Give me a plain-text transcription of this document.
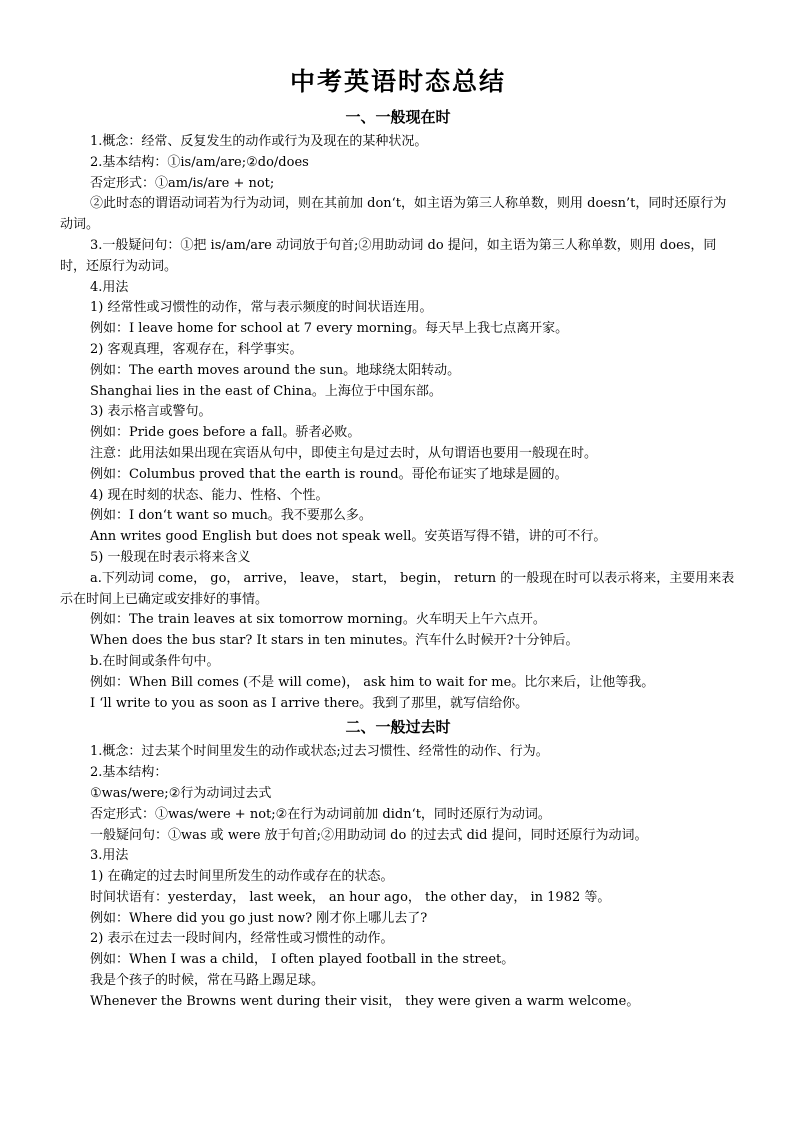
中考英语时态总结
一、一般现在时

1.概念：经常、反复发生的动作或行为及现在的某种状况。

2.基本结构：①is/am/are;②do/does

否定形式：①am/is/are + not;

②此时态的谓语动词若为行为动词，则在其前加 don‘t，如主语为第三人称单数，则用 doesn’t，同时还原行为动词。

3.一般疑问句：①把 is/am/are 动词放于句首;②用助动词 do 提问，如主语为第三人称单数，则用 does，同时，还原行为动词。

4.用法

1) 经常性或习惯性的动作，常与表示频度的时间状语连用。

例如：I leave home for school at 7 every morning。每天早上我七点离开家。

2) 客观真理，客观存在，科学事实。

例如：The earth moves around the sun。地球绕太阳转动。

Shanghai lies in the east of China。上海位于中国东部。

3) 表示格言或警句。

例如：Pride goes before a fall。骄者必败。

注意：此用法如果出现在宾语从句中，即使主句是过去时，从句谓语也要用一般现在时。

例如：Columbus proved that the earth is round。哥伦布证实了地球是圆的。

4) 现在时刻的状态、能力、性格、个性。

例如：I don‘t want so much。我不要那么多。

Ann writes good English but does not speak well。安英语写得不错，讲的可不行。

5) 一般现在时表示将来含义

a.下列动词 come， go， arrive， leave， start， begin， return 的一般现在时可以表示将来，主要用来表示在时间上已确定或安排好的事情。

例如：The train leaves at six tomorrow morning。火车明天上午六点开。

When does the bus star? It stars in ten minutes。汽车什么时候开?十分钟后。

b.在时间或条件句中。

例如：When Bill comes (不是 will come)， ask him to wait for me。比尔来后，让他等我。

I ‘ll write to you as soon as I arrive there。我到了那里，就写信给你。

二、一般过去时

1.概念：过去某个时间里发生的动作或状态;过去习惯性、经常性的动作、行为。

2.基本结构：

①was/were;②行为动词过去式

否定形式：①was/were + not;②在行为动词前加 didn‘t，同时还原行为动词。

一般疑问句：①was 或 were 放于句首;②用助动词 do 的过去式 did 提问，同时还原行为动词。

3.用法

1) 在确定的过去时间里所发生的动作或存在的状态。

时间状语有：yesterday， last week， an hour ago， the other day， in 1982 等。

例如：Where did you go just now? 刚才你上哪儿去了?

2) 表示在过去一段时间内，经常性或习惯性的动作。

例如：When I was a child， I often played football in the street。

我是个孩子的时候，常在马路上踢足球。

Whenever the Browns went during their visit， they were given a warm welcome。
